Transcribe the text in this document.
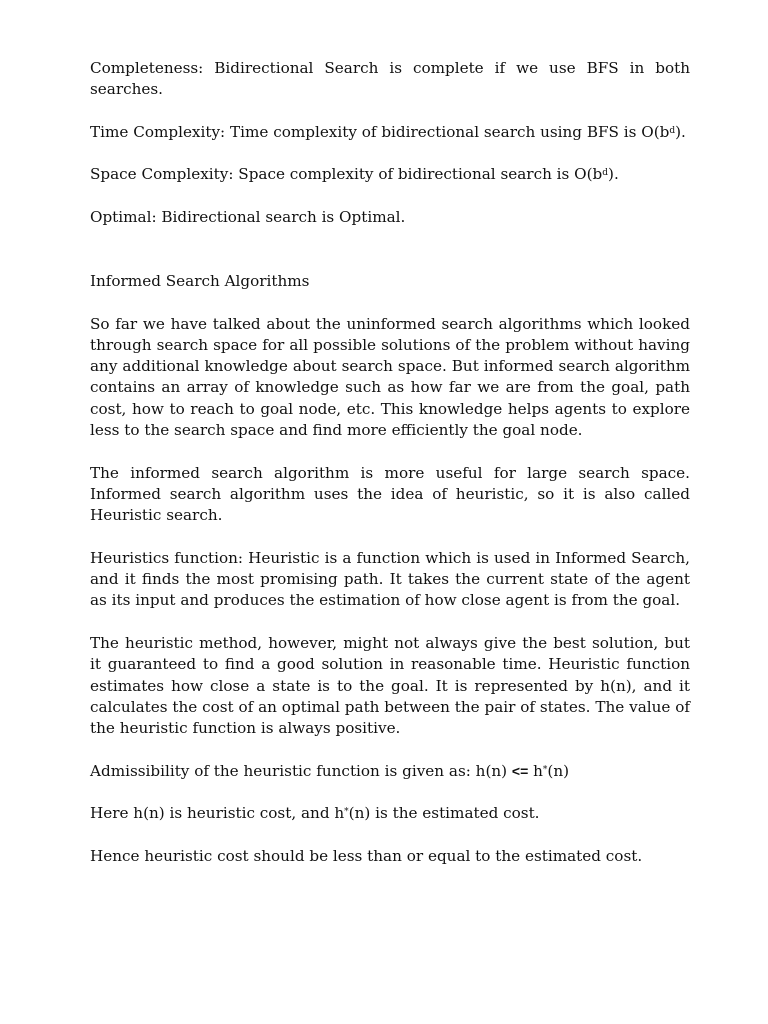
Completeness: Bidirectional Search is complete if we use BFS in both searches.

Time Complexity: Time complexity of bidirectional search using BFS is $O(b^d)$.

Space Complexity: Space complexity of bidirectional search is $O(b^d)$.

Optimal: Bidirectional search is Optimal.

Informed Search Algorithms

So far we have talked about the uninformed search algorithms which looked through search space for all possible solutions of the problem without having any additional knowledge about search space. But informed search algorithm contains an array of knowledge such as how far we are from the goal, path cost, how to reach to goal node, etc. This knowledge helps agents to explore less to the search space and find more efficiently the goal node.

The informed search algorithm is more useful for large search space. Informed search algorithm uses the idea of heuristic, so it is also called Heuristic search.

Heuristics function: Heuristic is a function which is used in Informed Search, and it finds the most promising path. It takes the current state of the agent as its input and produces the estimation of how close agent is from the goal.

The heuristic method, however, might not always give the best solution, but it guaranteed to find a good solution in reasonable time. Heuristic function estimates how close a state is to the goal. It is represented by h(n), and it calculates the cost of an optimal path between the pair of states. The value of the heuristic function is always positive.

Admissibility of the heuristic function is given as: h(n) <= h*(n)

Here h(n) is heuristic cost, and h*(n) is the estimated cost.

Hence heuristic cost should be less than or equal to the estimated cost.
